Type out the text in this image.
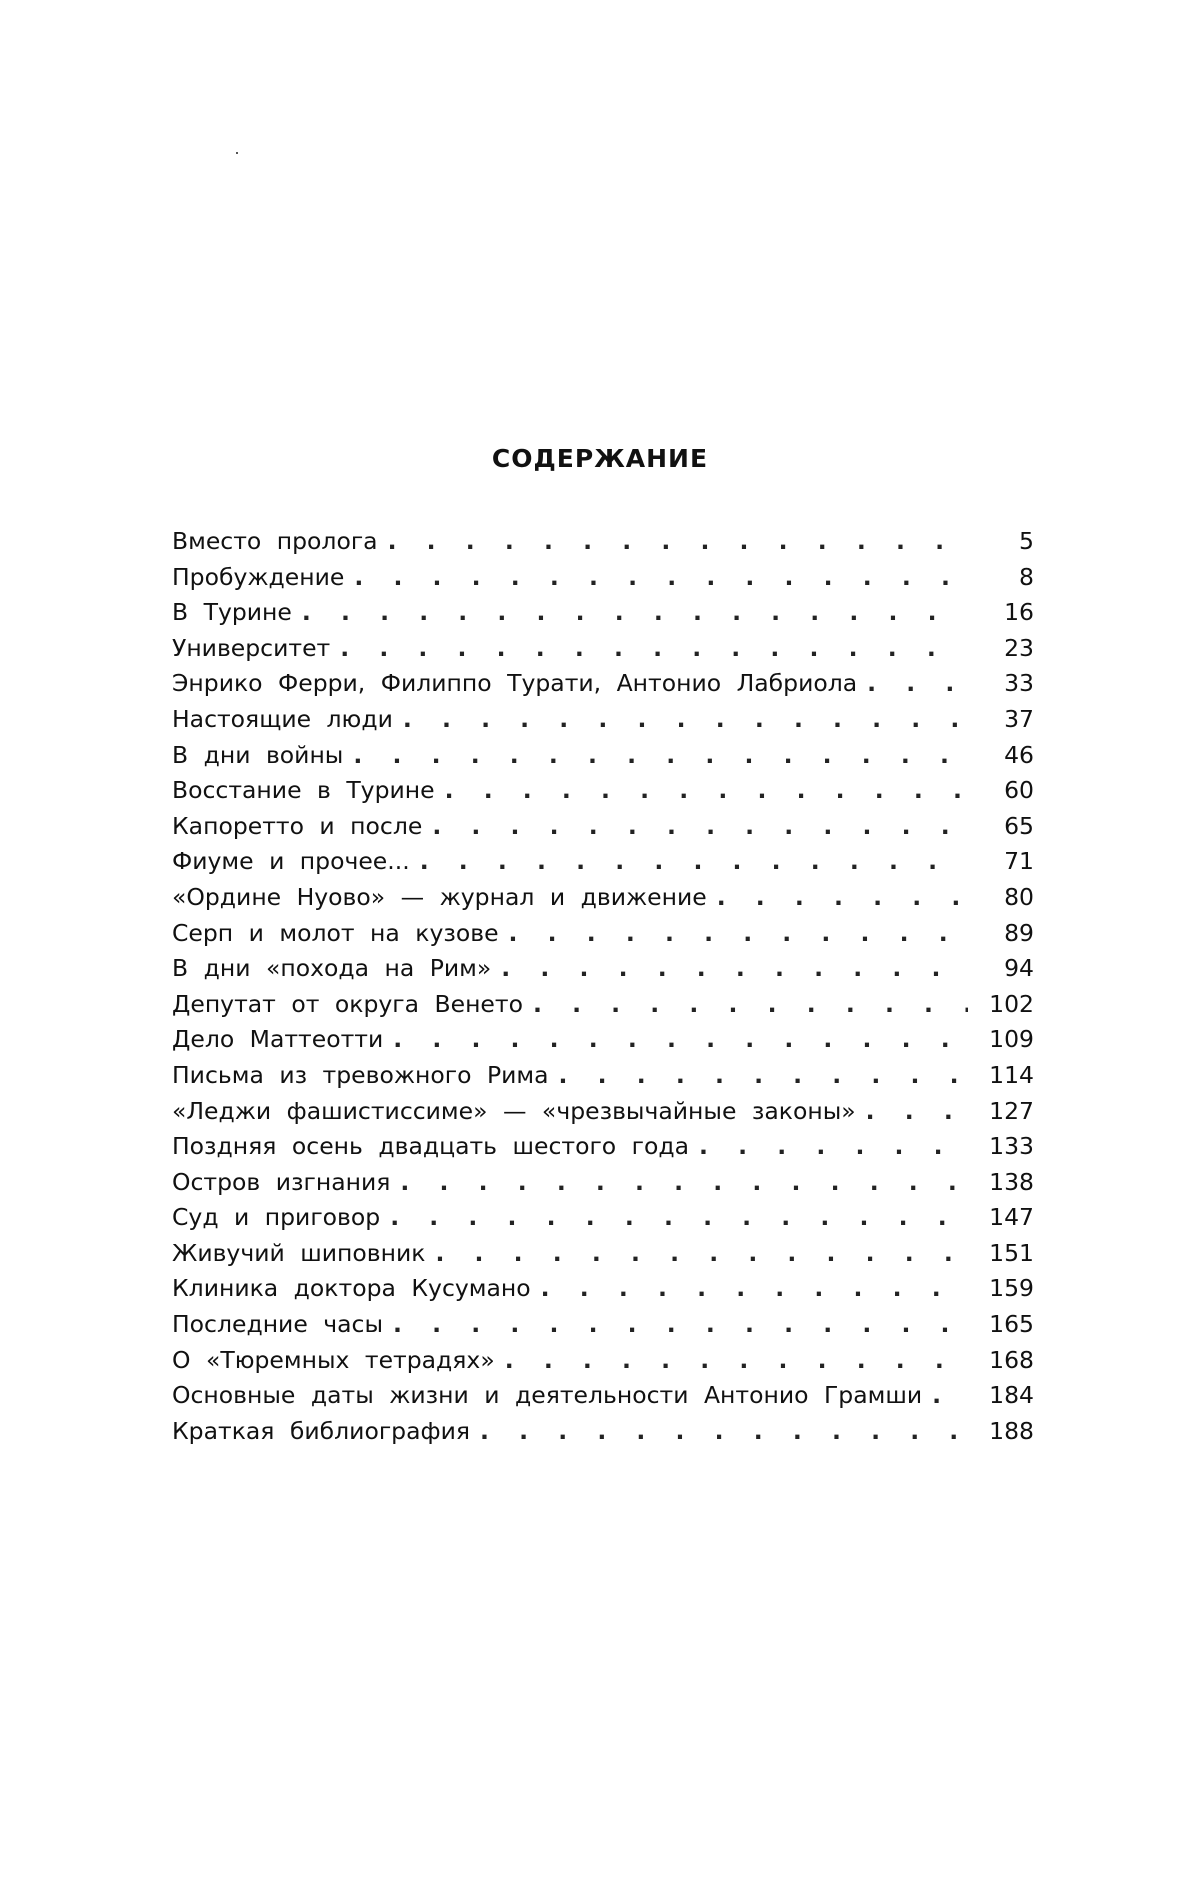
СОДЕРЖАНИЕ
Вместо пролога . . .	5
Пробуждение . . .	8
В Турине . . .	16
Университет . . .	23
Энрико Ферри, Филиппо Турати, Антонио Лабриола . . .	33
Настоящие люди . . .	37
В дни войны . . .	46
Восстание в Турине . . .	60
Капоретто и после . . .	65
Фиуме и прочее... . . .	71
«Ордине Нуово» — журнал и движение . . .	80
Серп и молот на кузове . . .	89
В дни «похода на Рим» . . .	94
Депутат от округа Венето . . .	102
Дело Маттеотти . . .	109
Письма из тревожного Рима . . .	114
«Леджи фашистиссиме» — «чрезвычайные законы» . . .	127
Поздняя осень двадцать шестого года . . .	133
Остров изгнания . . .	138
Суд и приговор . . .	147
Живучий шиповник . . .	151
Клиника доктора Кусумано . . .	159
Последние часы . . .	165
О «Тюремных тетрадях» . . .	168
Основные даты жизни и деятельности Антонио Грамши . . .	184
Краткая библиография . . .	188
